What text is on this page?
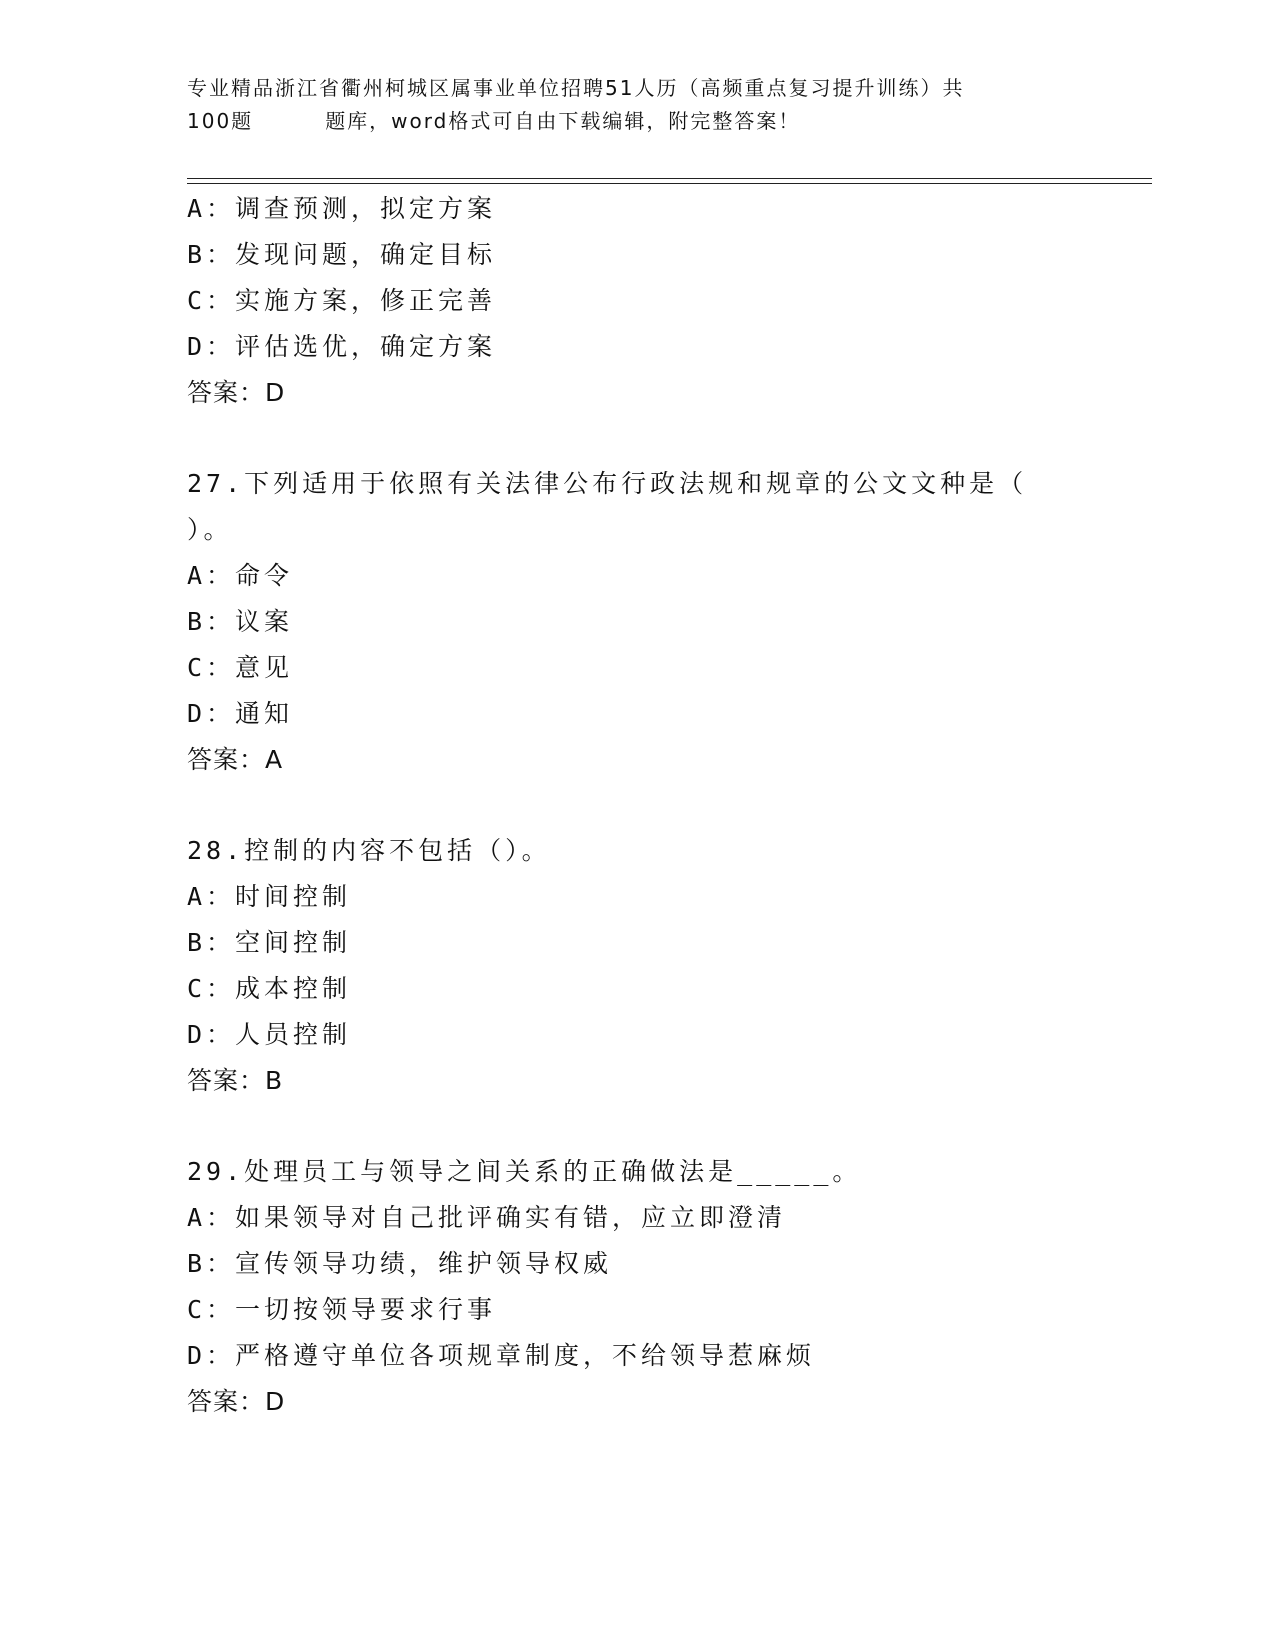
专业精品浙江省衢州柯城区属事业单位招聘51人历（高频重点复习提升训练）共
100题	题库，word格式可自由下载编辑，附完整答案！
A：调查预测，拟定方案
B：发现问题，确定目标
C：实施方案，修正完善
D：评估选优，确定方案
答案：D
27.下列适用于依照有关法律公布行政法规和规章的公文文种是（
）。
A：命令
B：议案
C：意见
D：通知
答案：A
28.控制的内容不包括（）。
A：时间控制
B：空间控制
C：成本控制
D：人员控制
答案：B
29.处理员工与领导之间关系的正确做法是_____。
A：如果领导对自己批评确实有错，应立即澄清
B：宣传领导功绩，维护领导权威
C：一切按领导要求行事
D：严格遵守单位各项规章制度，不给领导惹麻烦
答案：D
